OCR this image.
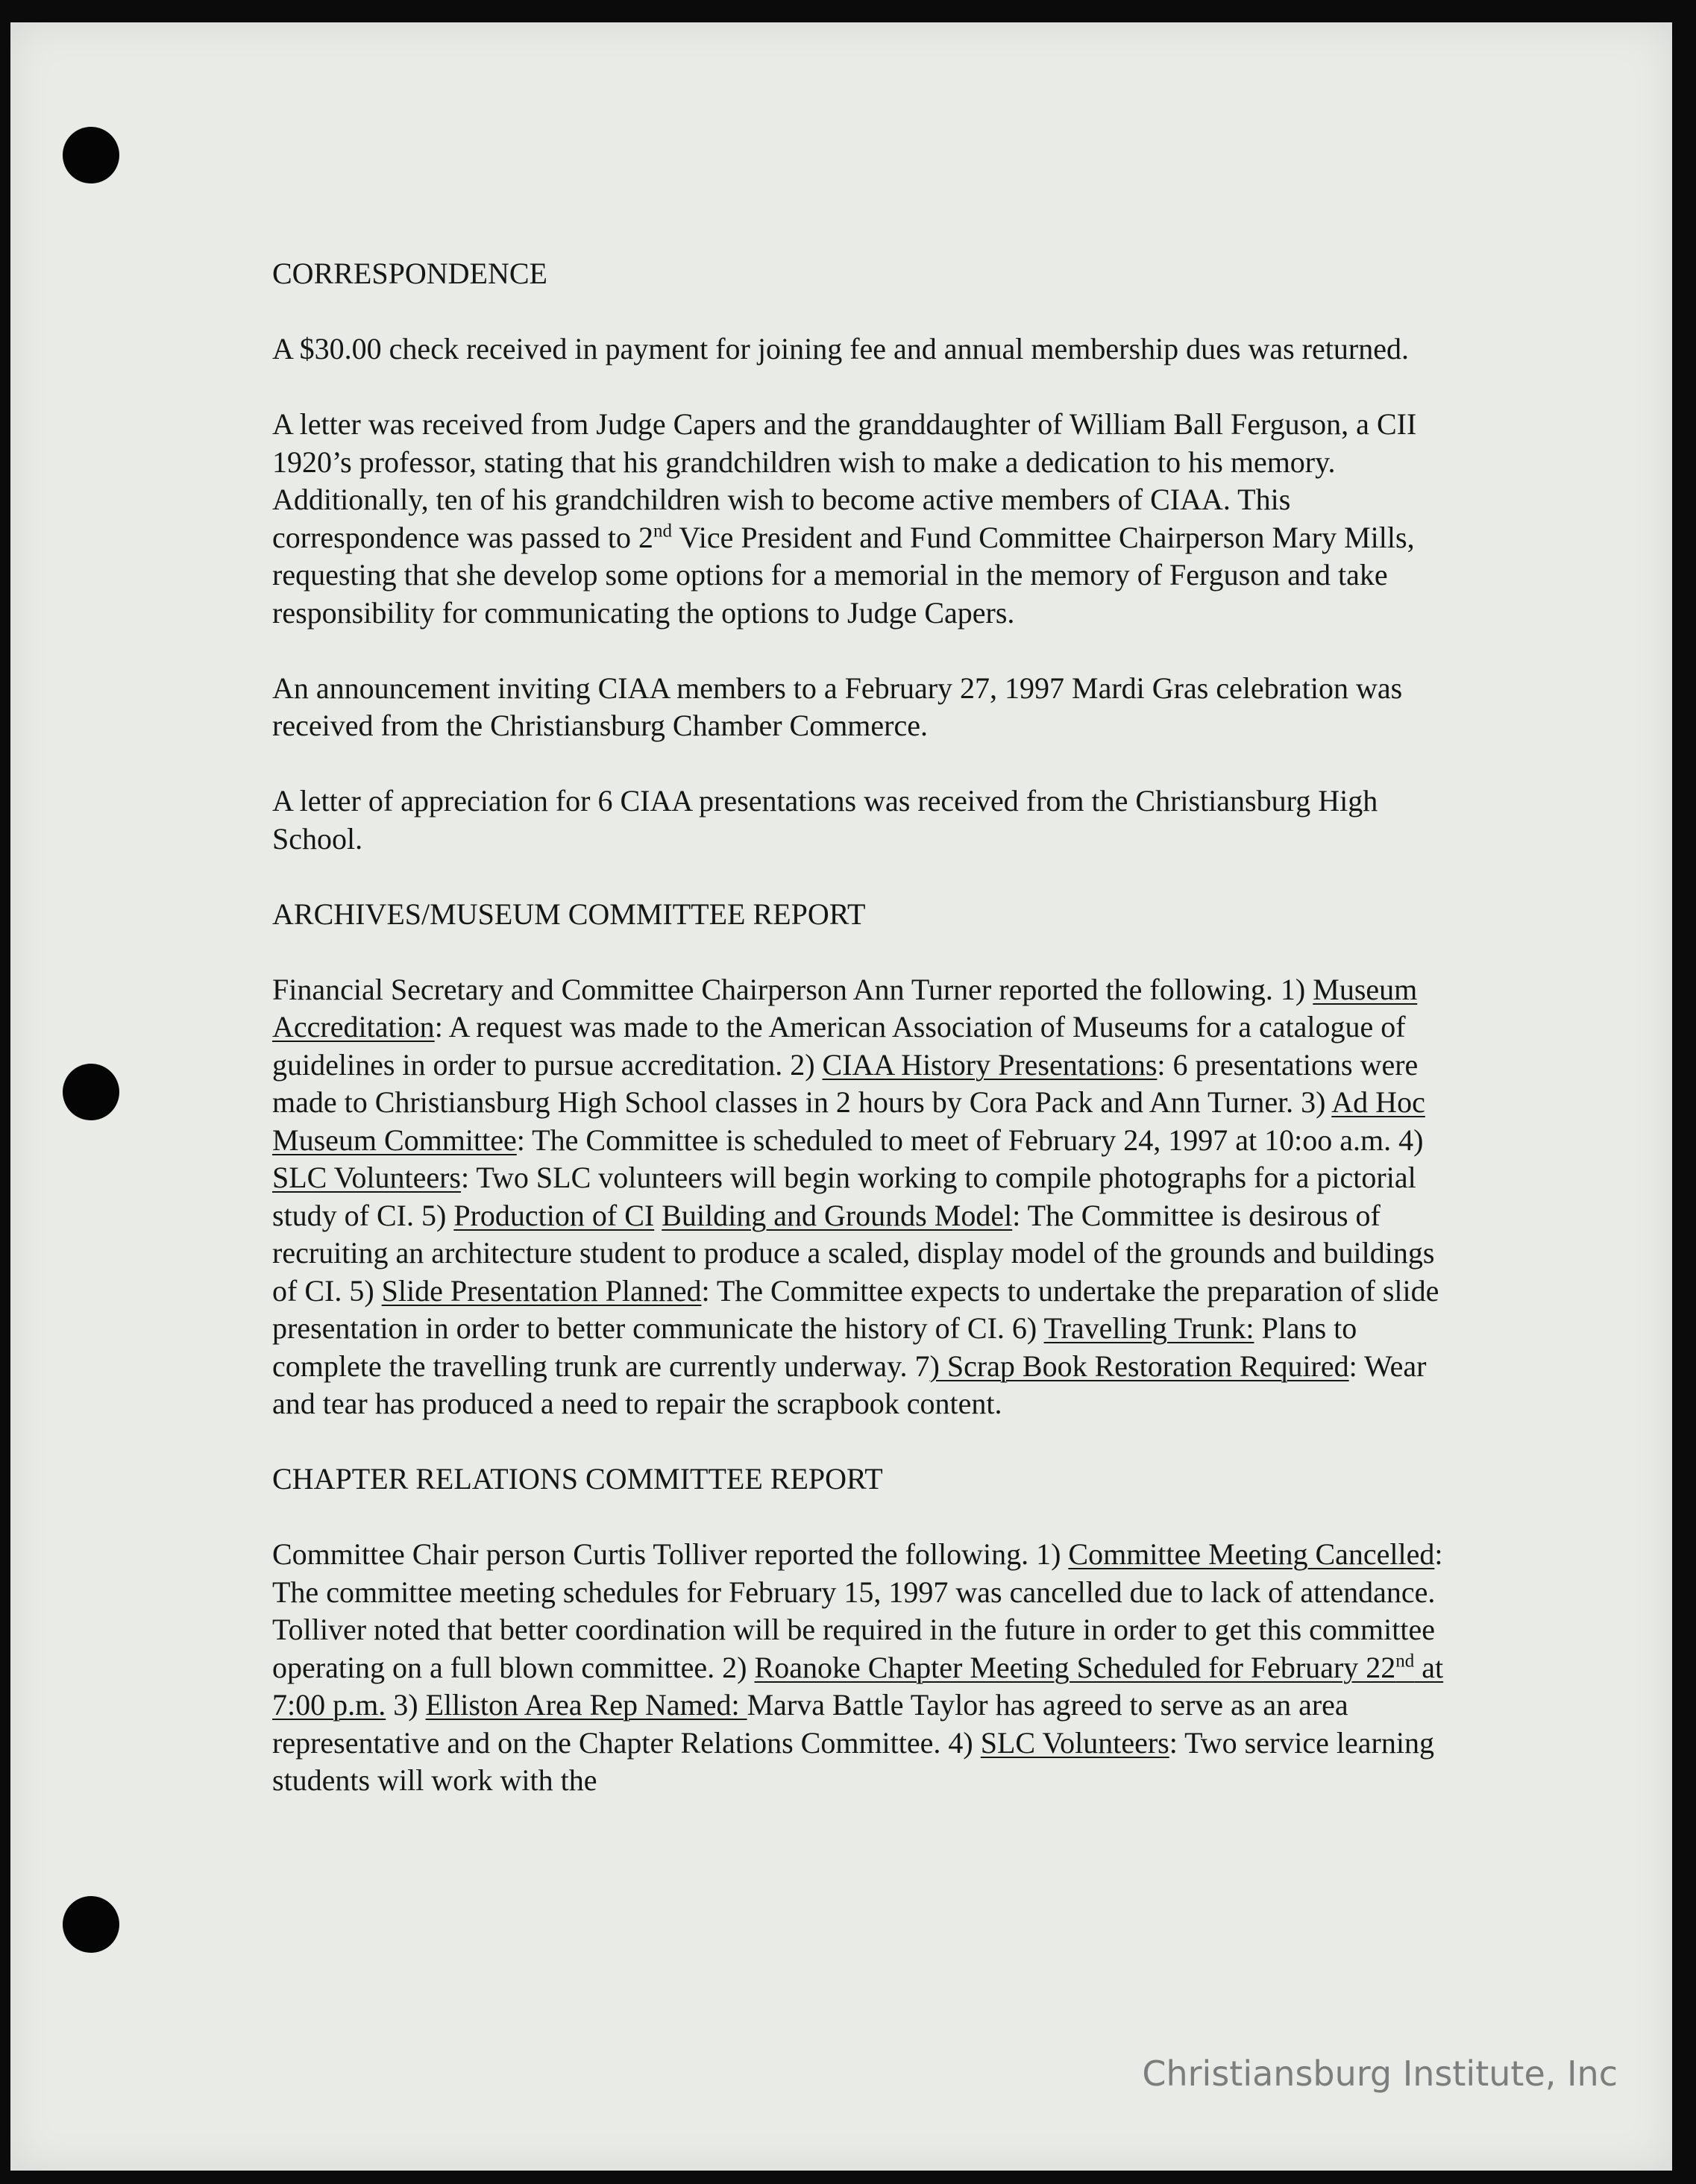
CORRESPONDENCE

A $30.00 check received in payment for joining fee and annual membership dues was returned.

A letter was received from Judge Capers and the granddaughter of William Ball Ferguson, a CII 1920’s professor, stating that his grandchildren wish to make a dedication to his memory. Additionally, ten of his grandchildren wish to become active members of CIAA. This correspondence was passed to 2nd Vice President and Fund Committee Chairperson Mary Mills, requesting that she develop some options for a memorial in the memory of Ferguson and take responsibility for communicating the options to Judge Capers.

An announcement inviting CIAA members to a February 27, 1997 Mardi Gras celebration was received from the Christiansburg Chamber Commerce.

A letter of appreciation for 6 CIAA presentations was received from the Christiansburg High School.

ARCHIVES/MUSEUM COMMITTEE REPORT

Financial Secretary and Committee Chairperson Ann Turner reported the following. 1) Museum Accreditation: A request was made to the American Association of Museums for a catalogue of guidelines in order to pursue accreditation. 2) CIAA History Presentations: 6 presentations were made to Christiansburg High School classes in 2 hours by Cora Pack and Ann Turner. 3) Ad Hoc Museum Committee: The Committee is scheduled to meet of February 24, 1997 at 10:oo a.m. 4) SLC Volunteers: Two SLC volunteers will begin working to compile photographs for a pictorial study of CI. 5) Production of CI Building and Grounds Model: The Committee is desirous of recruiting an architecture student to produce a scaled, display model of the grounds and buildings of CI. 5) Slide Presentation Planned: The Committee expects to undertake the preparation of slide presentation in order to better communicate the history of CI. 6) Travelling Trunk: Plans to complete the travelling trunk are currently underway. 7) Scrap Book Restoration Required: Wear and tear has produced a need to repair the scrapbook content.

CHAPTER RELATIONS COMMITTEE REPORT

Committee Chair person Curtis Tolliver reported the following. 1) Committee Meeting Cancelled: The committee meeting schedules for February 15, 1997 was cancelled due to lack of attendance. Tolliver noted that better coordination will be required in the future in order to get this committee operating on a full blown committee. 2) Roanoke Chapter Meeting Scheduled for February 22nd at 7:00 p.m. 3) Elliston Area Rep Named: Marva Battle Taylor has agreed to serve as an area representative and on the Chapter Relations Committee. 4) SLC Volunteers: Two service learning students will work with the

Christiansburg Institute, Inc
